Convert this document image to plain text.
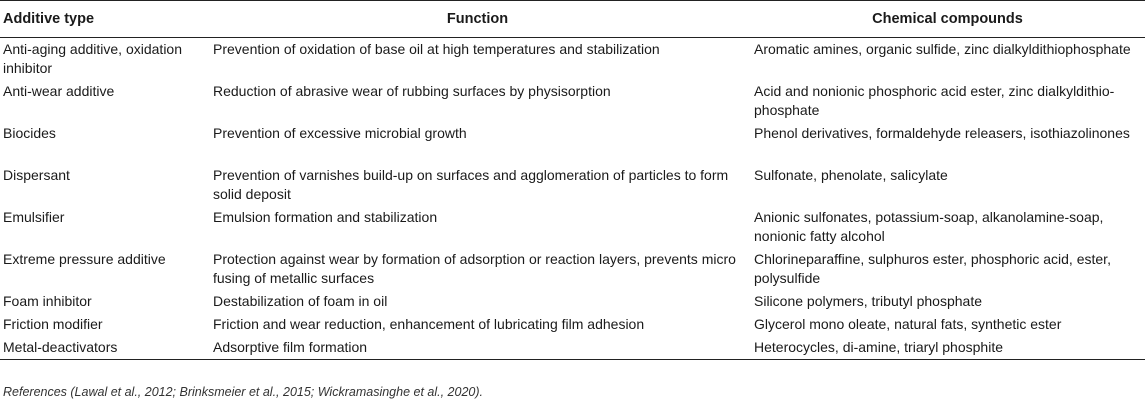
Additive type	Function	Chemical compounds
Anti-aging additive, oxidation inhibitor	Prevention of oxidation of base oil at high temperatures and stabilization	Aromatic amines, organic sulfide, zinc dialkyldithiophosphate
Anti-wear additive	Reduction of abrasive wear of rubbing surfaces by physisorption	Acid and nonionic phosphoric acid ester, zinc dialkyldithio-phosphate
Biocides	Prevention of excessive microbial growth	Phenol derivatives, formaldehyde releasers, isothiazolinones
Dispersant	Prevention of varnishes build-up on surfaces and agglomeration of particles to form solid deposit	Sulfonate, phenolate, salicylate
Emulsifier	Emulsion formation and stabilization	Anionic sulfonates, potassium-soap, alkanolamine-soap, nonionic fatty alcohol
Extreme pressure additive	Protection against wear by formation of adsorption or reaction layers, prevents micro fusing of metallic surfaces	Chlorineparaffine, sulphuros ester, phosphoric acid, ester, polysulfide
Foam inhibitor	Destabilization of foam in oil	Silicone polymers, tributyl phosphate
Friction modifier	Friction and wear reduction, enhancement of lubricating film adhesion	Glycerol mono oleate, natural fats, synthetic ester
Metal-deactivators	Adsorptive film formation	Heterocycles, di-amine, triaryl phosphite
References (Lawal et al., 2012; Brinksmeier et al., 2015; Wickramasinghe et al., 2020).
